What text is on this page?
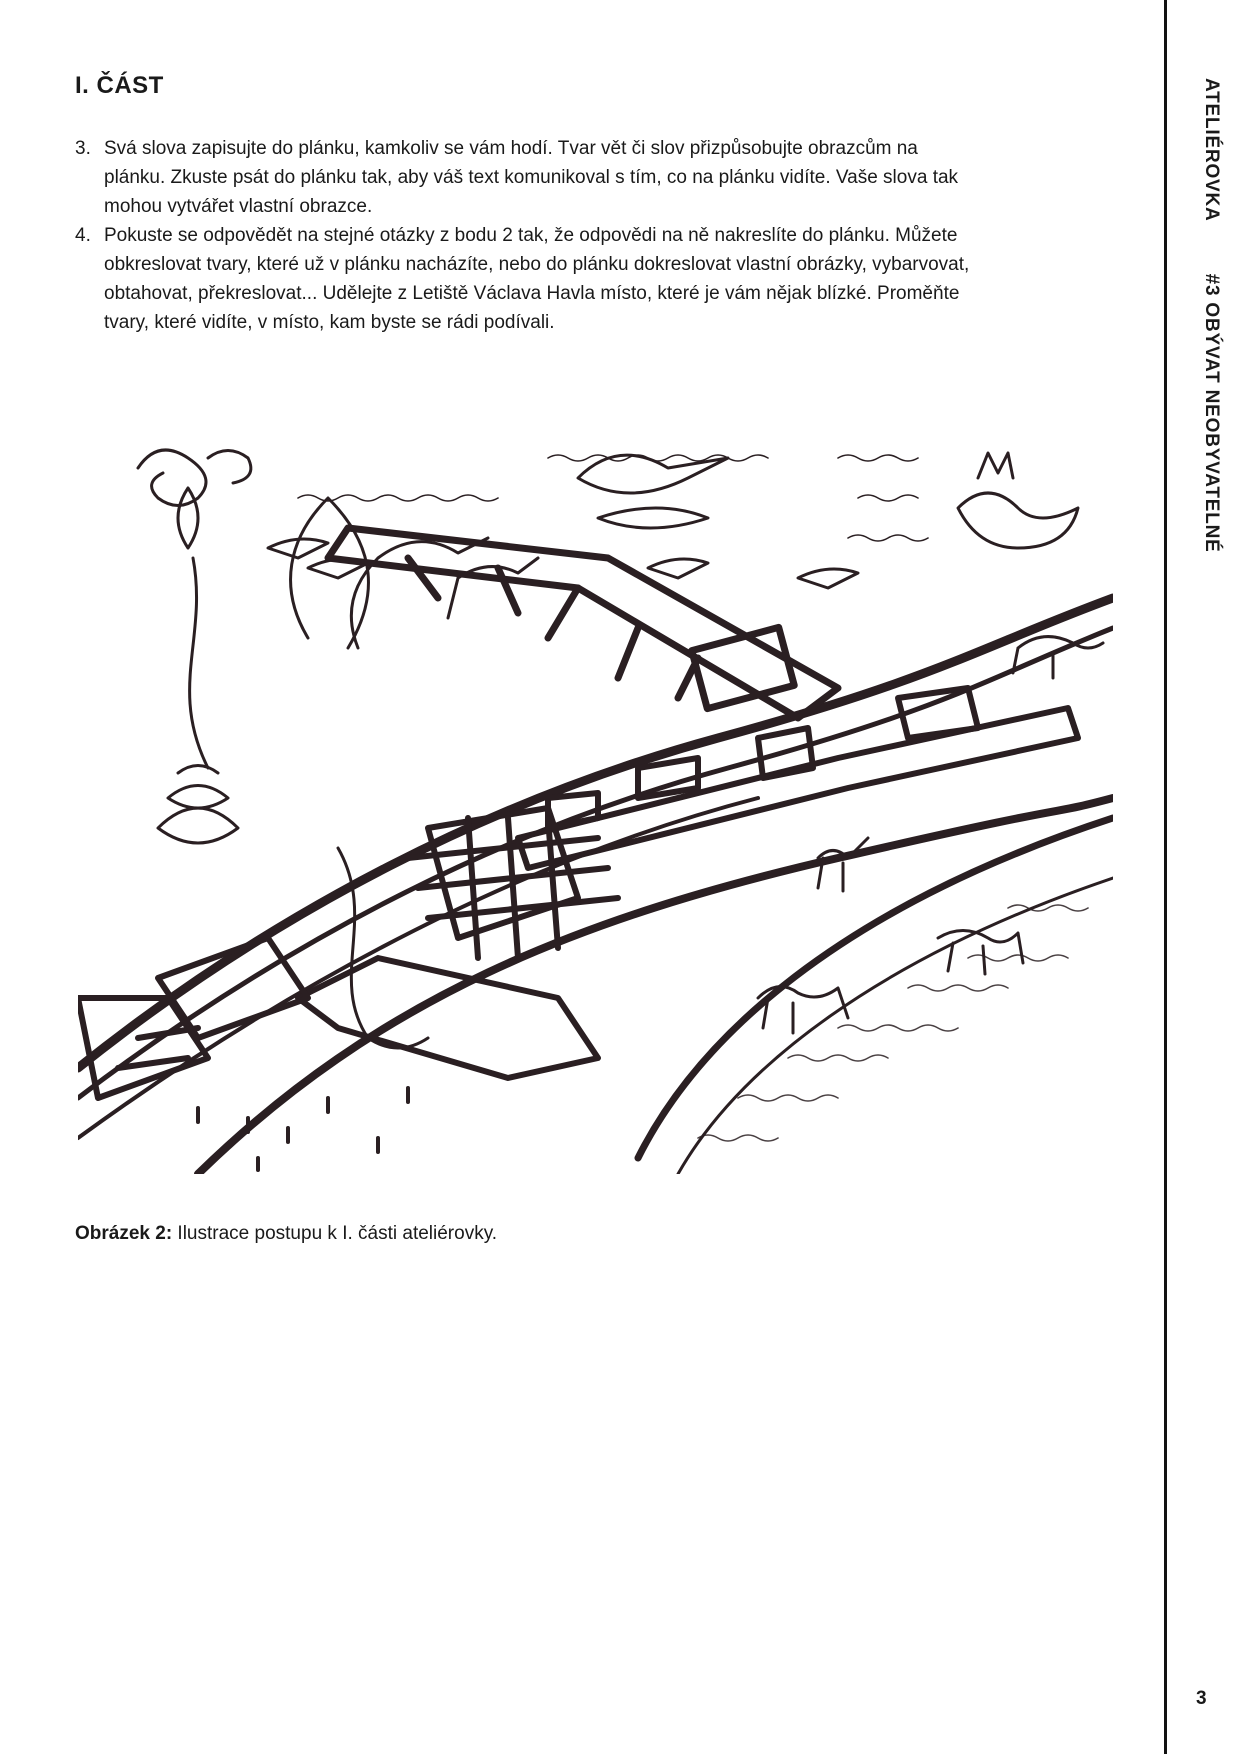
I. ČÁST
3. Svá slova zapisujte do plánku, kamkoliv se vám hodí. Tvar vět či slov přizpůsobujte obrazcům na plánku. Zkuste psát do plánku tak, aby váš text komunikoval s tím, co na plánku vidíte. Vaše slova tak mohou vytvářet vlastní obrazce.
4. Pokuste se odpovědět na stejné otázky z bodu 2 tak, že odpovědi na ně nakreslíte do plánku. Můžete obkreslovat tvary, které už v plánku nacházíte, nebo do plánku dokreslovat vlastní obrázky, vybarvovat, obtahovat, překreslovat... Udělejte z Letiště Václava Havla místo, které je vám nějak blízké. Proměňte tvary, které vidíte, v místo, kam byste se rádi podívali.

Obrázek 2: Ilustrace postupu k I. části ateliérovky.

ATELIÉROVKA#3 OBÝVAT NEOBYVATELNÉ
3
